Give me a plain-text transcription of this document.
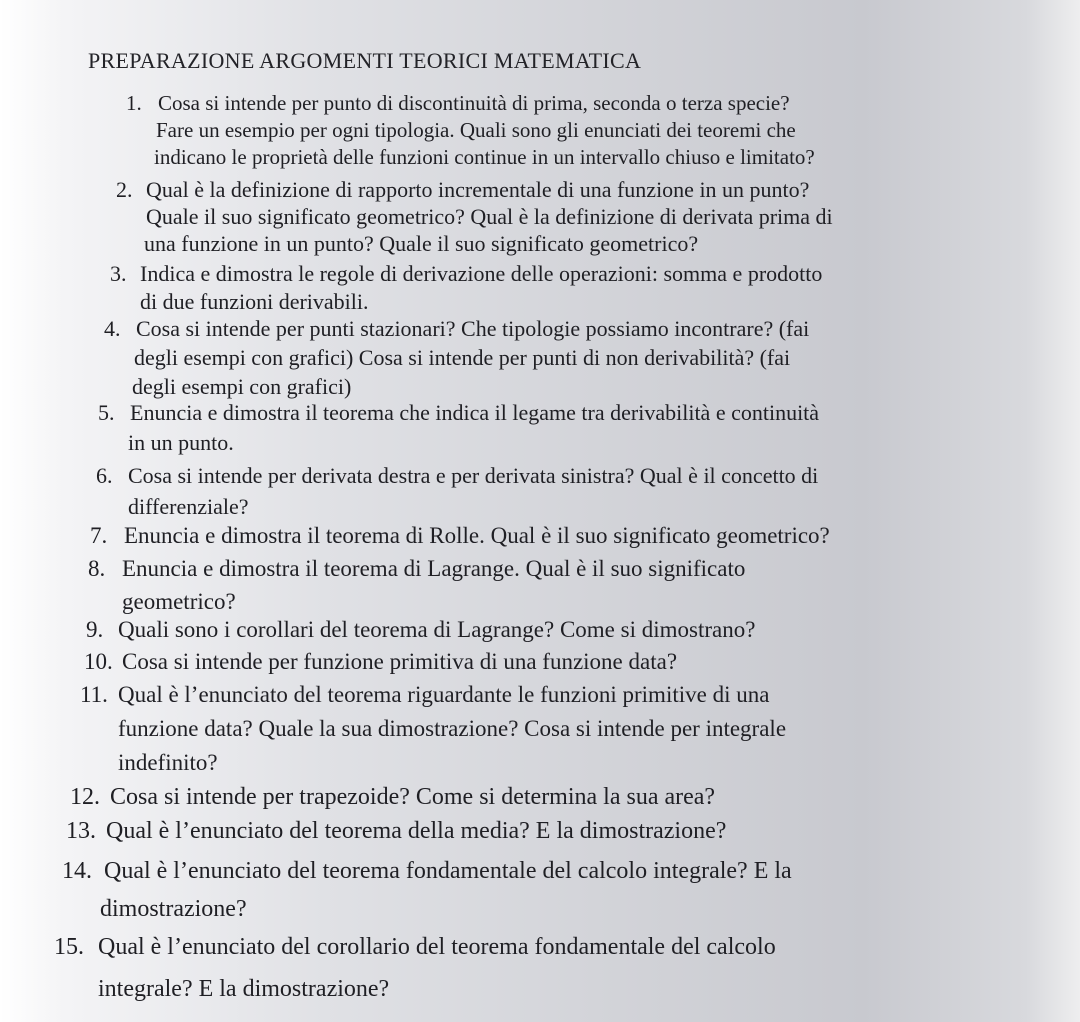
PREPARAZIONE ARGOMENTI TEORICI MATEMATICA
1. Cosa si intende per punto di discontinuità di prima, seconda o terza specie?
Fare un esempio per ogni tipologia. Quali sono gli enunciati dei teoremi che
indicano le proprietà delle funzioni continue in un intervallo chiuso e limitato?
2. Qual è la definizione di rapporto incrementale di una funzione in un punto?
Quale il suo significato geometrico? Qual è la definizione di derivata prima di
una funzione in un punto? Quale il suo significato geometrico?
3. Indica e dimostra le regole di derivazione delle operazioni: somma e prodotto
di due funzioni derivabili.
4. Cosa si intende per punti stazionari? Che tipologie possiamo incontrare? (fai
degli esempi con grafici) Cosa si intende per punti di non derivabilità? (fai
degli esempi con grafici)
5. Enuncia e dimostra il teorema che indica il legame tra derivabilità e continuità
in un punto.
6. Cosa si intende per derivata destra e per derivata sinistra? Qual è il concetto di
differenziale?
7. Enuncia e dimostra il teorema di Rolle. Qual è il suo significato geometrico?
8. Enuncia e dimostra il teorema di Lagrange. Qual è il suo significato
geometrico?
9. Quali sono i corollari del teorema di Lagrange? Come si dimostrano?
10. Cosa si intende per funzione primitiva di una funzione data?
11. Qual è l’enunciato del teorema riguardante le funzioni primitive di una
funzione data? Quale la sua dimostrazione? Cosa si intende per integrale
indefinito?
12. Cosa si intende per trapezoide? Come si determina la sua area?
13. Qual è l’enunciato del teorema della media? E la dimostrazione?
14. Qual è l’enunciato del teorema fondamentale del calcolo integrale? E la
dimostrazione?
15. Qual è l’enunciato del corollario del teorema fondamentale del calcolo
integrale? E la dimostrazione?
